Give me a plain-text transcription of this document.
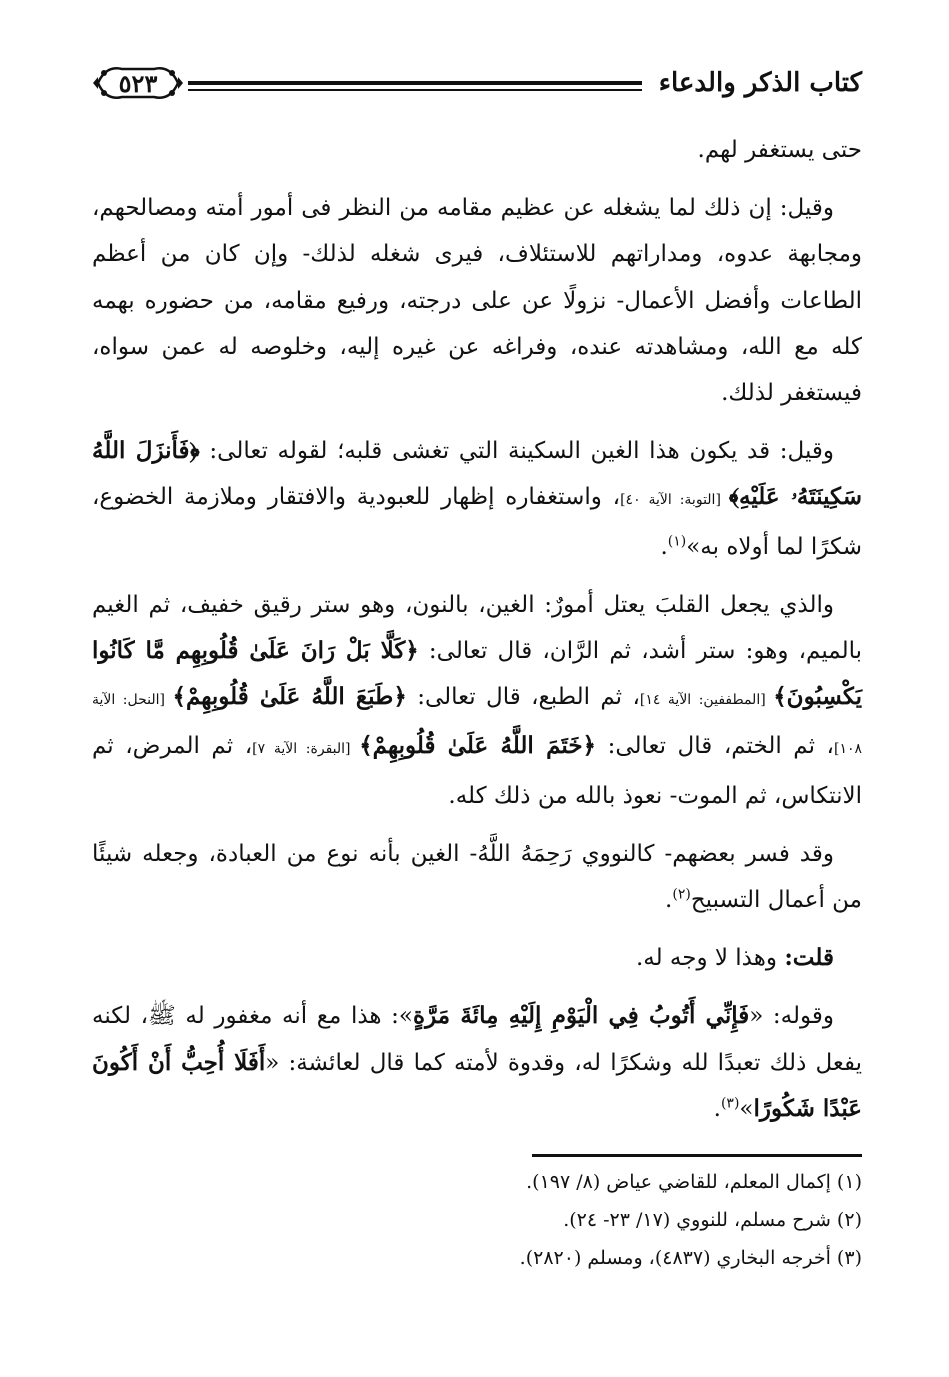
كتاب الذكر والدعاء
٥٢٣

حتى يستغفر لهم.

وقيل: إن ذلك لما يشغله عن عظيم مقامه من النظر فى أمور أمته ومصالحهم، ومجابهة عدوه، ومداراتهم للاستئلاف، فيرى شغله لذلك- وإن كان من أعظم الطاعات وأفضل الأعمال- نزولًا عن على درجته، ورفيع مقامه، من حضوره بهمه كله مع الله، ومشاهدته عنده، وفراغه عن غيره إليه، وخلوصه له عمن سواه، فيستغفر لذلك.

وقيل: قد يكون هذا الغين السكينة التي تغشى قلبه؛ لقوله تعالى: ﴿فَأَنزَلَ اللَّهُ سَكِينَتَهُۥ عَلَيْهِ﴾ [التوبة: الآية ٤٠]، واستغفاره إظهار للعبودية والافتقار وملازمة الخضوع، شكرًا لما أولاه به»$^{(١)}$.

والذي يجعل القلبَ يعتل أمورٌ: الغين، بالنون، وهو ستر رقيق خفيف، ثم الغيم بالميم، وهو: ستر أشد، ثم الرَّان، قال تعالى: ﴿كَلَّا بَلْ رَانَ عَلَىٰ قُلُوبِهِم مَّا كَانُوا يَكْسِبُونَ﴾ [المطففين: الآية ١٤]، ثم الطبع، قال تعالى: ﴿طَبَعَ اللَّهُ عَلَىٰ قُلُوبِهِمْ﴾ [النحل: الآية ١٠٨]، ثم الختم، قال تعالى: ﴿خَتَمَ اللَّهُ عَلَىٰ قُلُوبِهِمْ﴾ [البقرة: الآية ٧]، ثم المرض، ثم الانتكاس، ثم الموت- نعوذ بالله من ذلك كله.

وقد فسر بعضهم- كالنووي رَحِمَهُ اللَّهُ- الغين بأنه نوع من العبادة، وجعله شيئًا من أعمال التسبيح$^{(٢)}$.

قلت: وهذا لا وجه له.

وقوله: «فَإِنِّي أَتُوبُ فِي الْيَوْمِ إِلَيْهِ مِائَةَ مَرَّةٍ»: هذا مع أنه مغفور له ﷺ، لكنه يفعل ذلك تعبدًا لله وشكرًا له، وقدوة لأمته كما قال لعائشة: «أَفَلَا أُحِبُّ أَنْ أَكُونَ عَبْدًا شَكُورًا»$^{(٣)}$.

(١) إكمال المعلم، للقاضي عياض (٨/ ١٩٧).
(٢) شرح مسلم، للنووي (١٧/ ٢٣- ٢٤).
(٣) أخرجه البخاري (٤٨٣٧)، ومسلم (٢٨٢٠).
